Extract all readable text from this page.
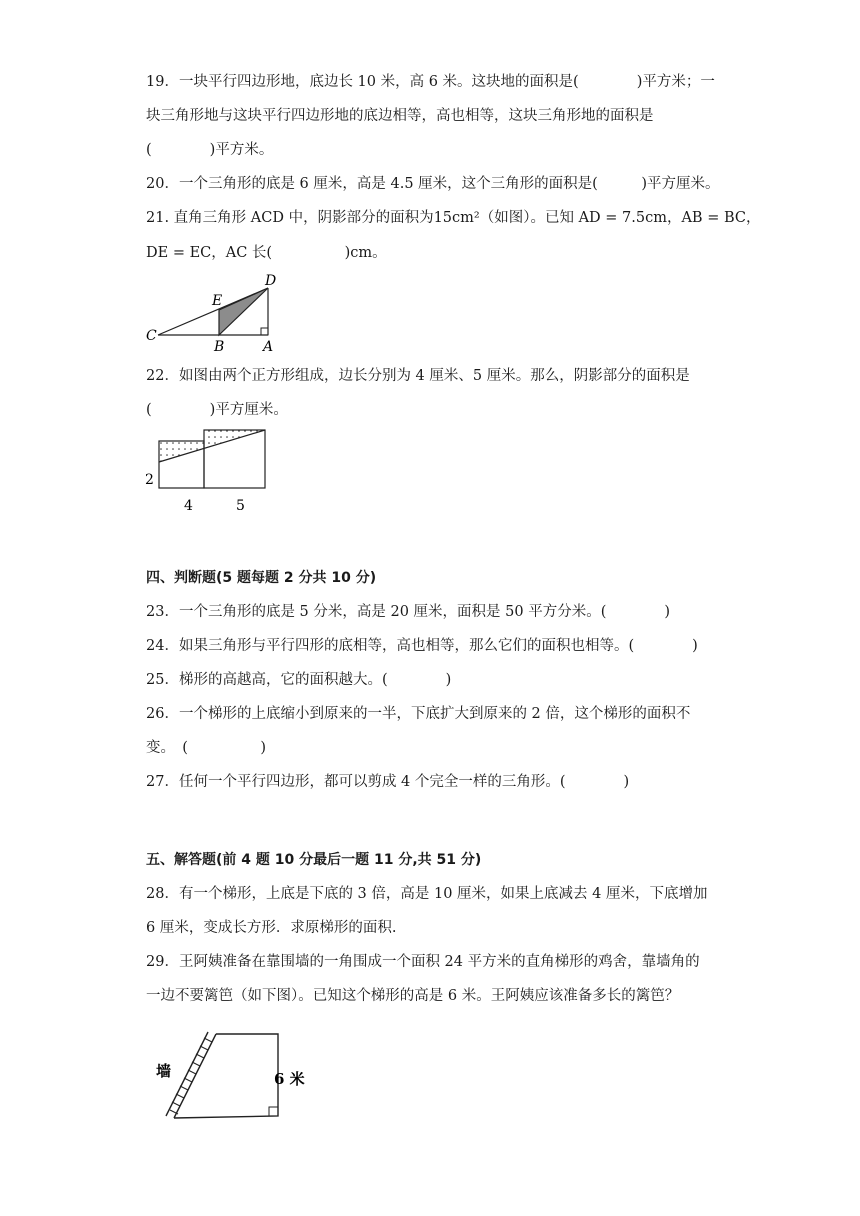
19．一块平行四边形地，底边长 10 米，高 6 米。这块地的面积是(　　　　)平方米；一
块三角形地与这块平行四边形地的底边相等，高也相等，这块三角形地的面积是
(　　　　)平方米。
20．一个三角形的底是 6 厘米，高是 4.5 厘米，这个三角形的面积是(　　　)平方厘米。
21. 直角三角形 ACD 中，阴影部分的面积为15cm²（如图）。已知 AD = 7.5cm，AB = BC，
DE = EC，AC 长(　　　　　)cm。
D
E
C
B	A
22．如图由两个正方形组成，边长分别为 4 厘米、5 厘米。那么，阴影部分的面积是
(　　　　)平方厘米。
2
4	5
四、判断题(5 题每题 2 分共 10 分)
23．一个三角形的底是 5 分米，高是 20 厘米，面积是 50 平方分米。(　　　　)
24．如果三角形与平行四形的底相等，高也相等，那么它们的面积也相等。(　　　　)
25．梯形的高越高，它的面积越大。(　　　　)
26．一个梯形的上底缩小到原来的一半，下底扩大到原来的 2 倍，这个梯形的面积不
变。　(　　　　　)
27．任何一个平行四边形，都可以剪成 4 个完全一样的三角形。(　　　　)
五、解答题(前 4 题 10 分最后一题 11 分,共 51 分)
28．有一个梯形，上底是下底的 3 倍，高是 10 厘米，如果上底减去 4 厘米，下底增加
6 厘米，变成长方形．求原梯形的面积.
29．王阿姨准备在靠围墙的一角围成一个面积 24 平方米的直角梯形的鸡舍，靠墙角的
一边不要篱笆（如下图）。已知这个梯形的高是 6 米。王阿姨应该准备多长的篱笆？
墙	6 米
